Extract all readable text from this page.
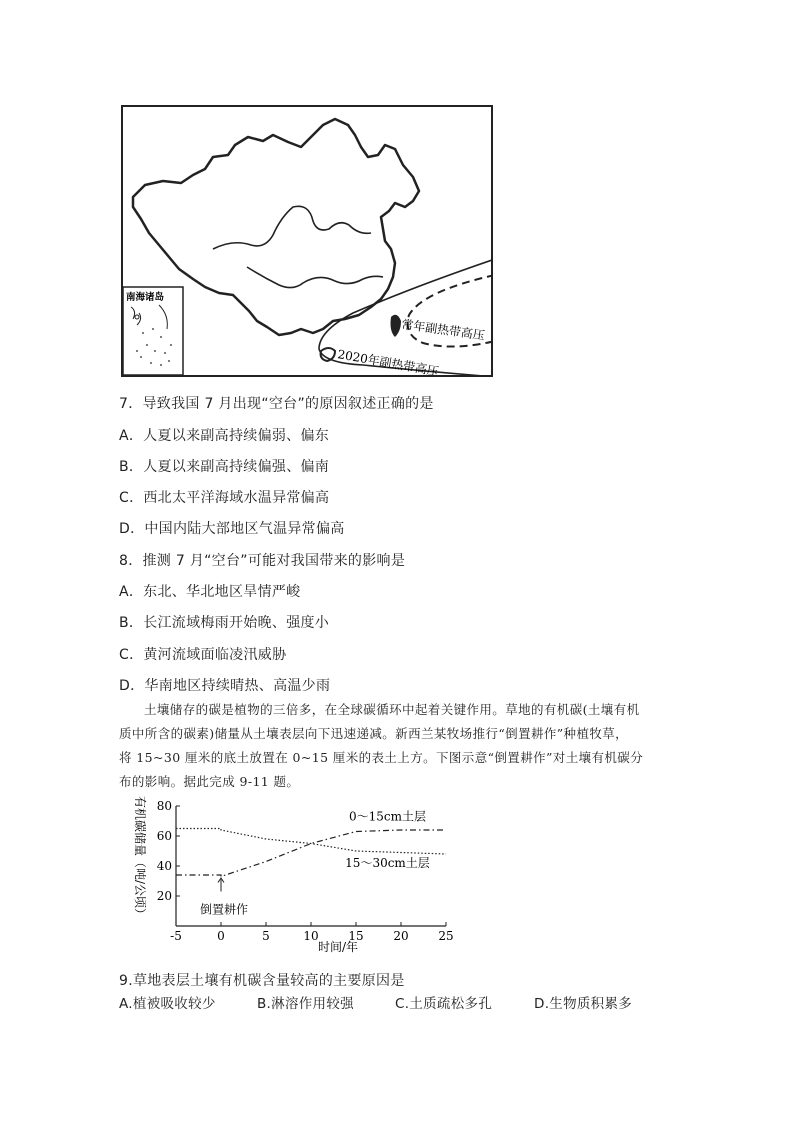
常年副热带高压
2020年副热带高压
南海诸岛
7．导致我国 7 月出现“空台”的原因叙述正确的是
A．人夏以来副高持续偏弱、偏东
B．人夏以来副高持续偏强、偏南
C．西北太平洋海域水温异常偏高
D．中国内陆大部地区气温异常偏高
8．推测 7 月“空台”可能对我国带来的影响是
A．东北、华北地区旱情严峻
B．长江流域梅雨开始晚、强度小
C．黄河流域面临凌汛威胁
D．华南地区持续晴热、高温少雨
土壤储存的碳是植物的三倍多，在全球碳循环中起着关键作用。草地的有机碳(土壤有机
质中所含的碳素)储量从土壤表层向下迅速递减。新西兰某牧场推行“倒置耕作”种植牧草，
将 15~30 厘米的底土放置在 0~15 厘米的表土上方。下图示意“倒置耕作”对土壤有机碳分
布的影响。据此完成 9-11 题。
有机碳储量（吨/公顷）
时间/年
-5	0	5	10 15 20 25
20
40
60
80
0～15cm土层
15～30cm土层
倒置耕作
9.草地表层土壤有机碳含量较高的主要原因是
A.植被吸收较少	B.淋溶作用较强	C.土质疏松多孔	D.生物质积累多
